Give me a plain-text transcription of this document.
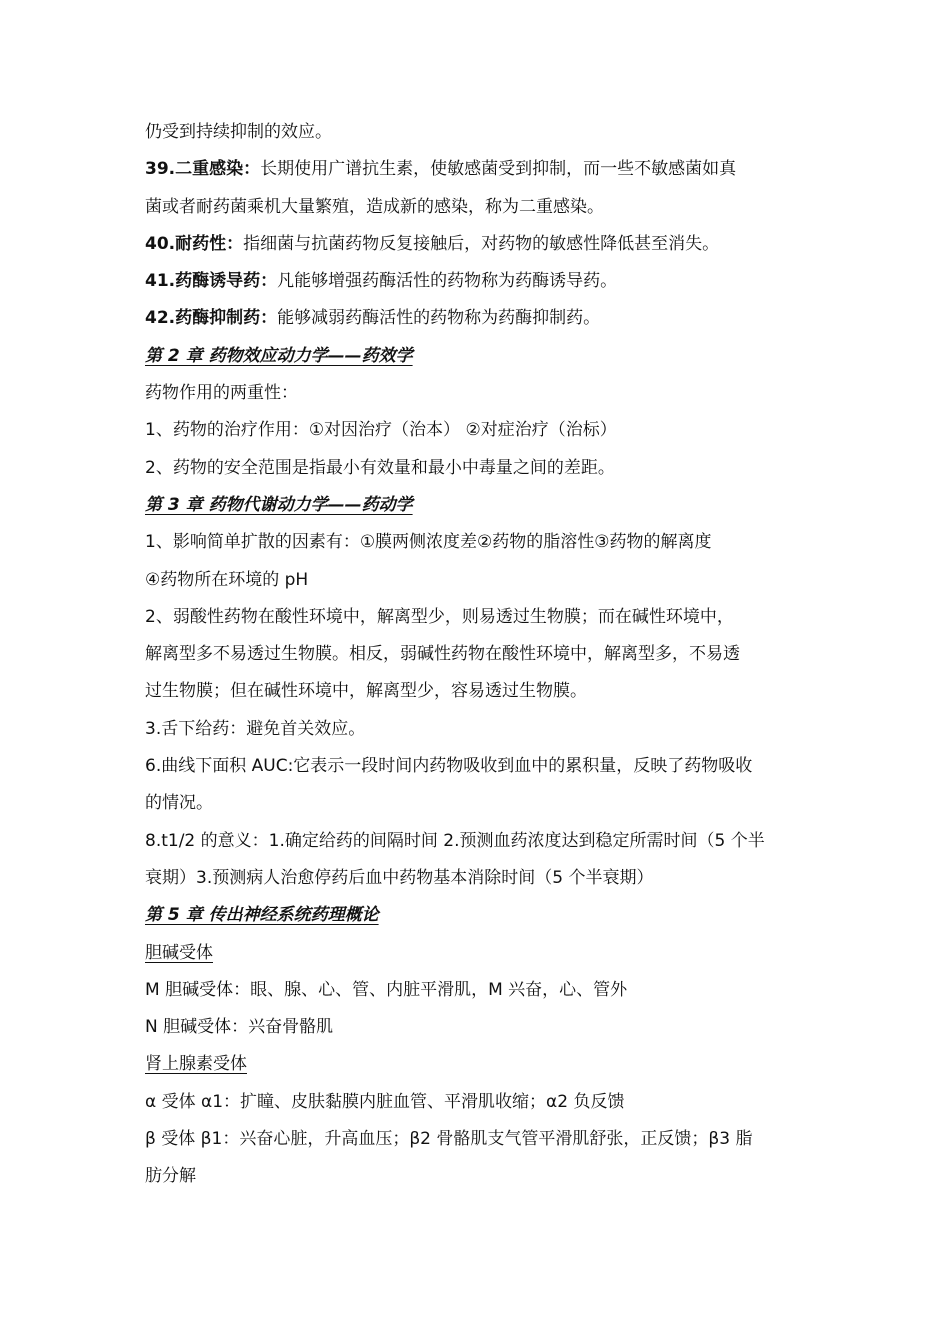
仍受到持续抑制的效应。

39.二重感染：长期使用广谱抗生素，使敏感菌受到抑制，而一些不敏感菌如真

菌或者耐药菌乘机大量繁殖，造成新的感染，称为二重感染。

40.耐药性：指细菌与抗菌药物反复接触后，对药物的敏感性降低甚至消失。

41.药酶诱导药：凡能够增强药酶活性的药物称为药酶诱导药。

42.药酶抑制药：能够减弱药酶活性的药物称为药酶抑制药。

第 2 章 药物效应动力学——药效学

药物作用的两重性：

1、药物的治疗作用：①对因治疗（治本） ②对症治疗（治标）

2、药物的安全范围是指最小有效量和最小中毒量之间的差距。

第 3 章 药物代谢动力学——药动学

1、影响简单扩散的因素有：①膜两侧浓度差②药物的脂溶性③药物的解离度

④药物所在环境的 pH

2、弱酸性药物在酸性环境中，解离型少，则易透过生物膜；而在碱性环境中，

解离型多不易透过生物膜。相反，弱碱性药物在酸性环境中，解离型多，不易透

过生物膜；但在碱性环境中，解离型少，容易透过生物膜。

3.舌下给药：避免首关效应。

6.曲线下面积 AUC:它表示一段时间内药物吸收到血中的累积量，反映了药物吸收

的情况。

8.t1/2 的意义：1.确定给药的间隔时间 2.预测血药浓度达到稳定所需时间（5 个半

衰期）3.预测病人治愈停药后血中药物基本消除时间（5 个半衰期）

第 5 章 传出神经系统药理概论

胆碱受体

M 胆碱受体：眼、腺、心、管、内脏平滑肌，M 兴奋，心、管外

N 胆碱受体：兴奋骨骼肌

肾上腺素受体

α 受体 α1：扩瞳、皮肤黏膜内脏血管、平滑肌收缩；α2 负反馈

β 受体 β1：兴奋心脏，升高血压；β2 骨骼肌支气管平滑肌舒张，正反馈；β3 脂

肪分解
